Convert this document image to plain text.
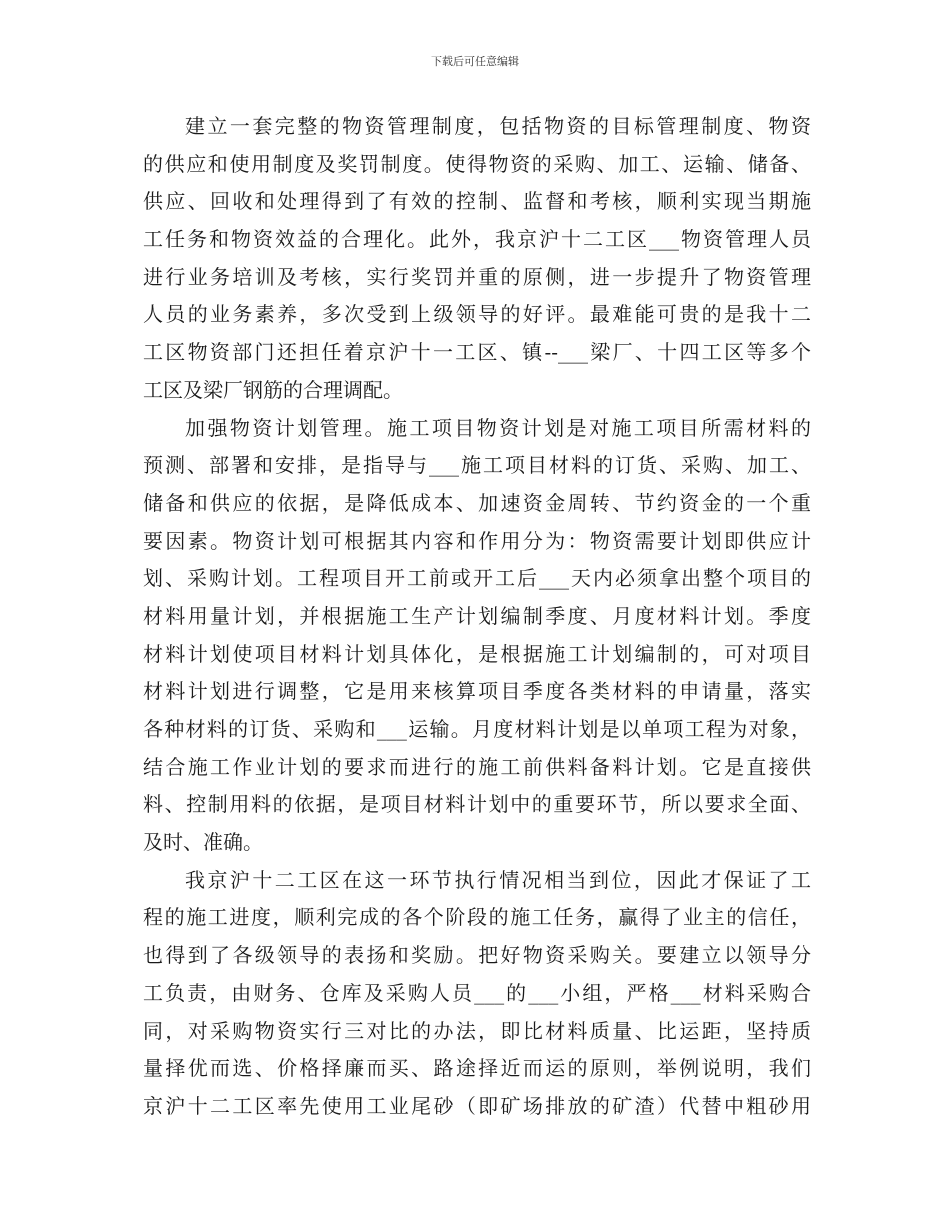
下载后可任意编辑
建立一套完整的物资管理制度，包括物资的目标管理制度、物资
的供应和使用制度及奖罚制度。使得物资的采购、加工、运输、储备、
供应、回收和处理得到了有效的控制、监督和考核，顺利实现当期施
工任务和物资效益的合理化。此外，我京沪十二工区___物资管理人员
进行业务培训及考核，实行奖罚并重的原侧，进一步提升了物资管理
人员的业务素养，多次受到上级领导的好评。最难能可贵的是我十二
工区物资部门还担任着京沪十一工区、镇--___梁厂、十四工区等多个
工区及梁厂钢筋的合理调配。
加强物资计划管理。施工项目物资计划是对施工项目所需材料的
预测、部署和安排，是指导与___施工项目材料的订货、采购、加工、
储备和供应的依据，是降低成本、加速资金周转、节约资金的一个重
要因素。物资计划可根据其内容和作用分为：物资需要计划即供应计
划、采购计划。工程项目开工前或开工后___天内必须拿出整个项目的
材料用量计划，并根据施工生产计划编制季度、月度材料计划。季度
材料计划使项目材料计划具体化，是根据施工计划编制的，可对项目
材料计划进行调整，它是用来核算项目季度各类材料的申请量，落实
各种材料的订货、采购和___运输。月度材料计划是以单项工程为对象，
结合施工作业计划的要求而进行的施工前供料备料计划。它是直接供
料、控制用料的依据，是项目材料计划中的重要环节，所以要求全面、
及时、准确。
我京沪十二工区在这一环节执行情况相当到位，因此才保证了工
程的施工进度，顺利完成的各个阶段的施工任务，赢得了业主的信任，
也得到了各级领导的表扬和奖励。把好物资采购关。要建立以领导分
工负责，由财务、仓库及采购人员___的___小组，严格___材料采购合
同，对采购物资实行三对比的办法，即比材料质量、比运距，坚持质
量择优而选、价格择廉而买、路途择近而运的原则，举例说明，我们
京沪十二工区率先使用工业尾砂（即矿场排放的矿渣）代替中粗砂用
